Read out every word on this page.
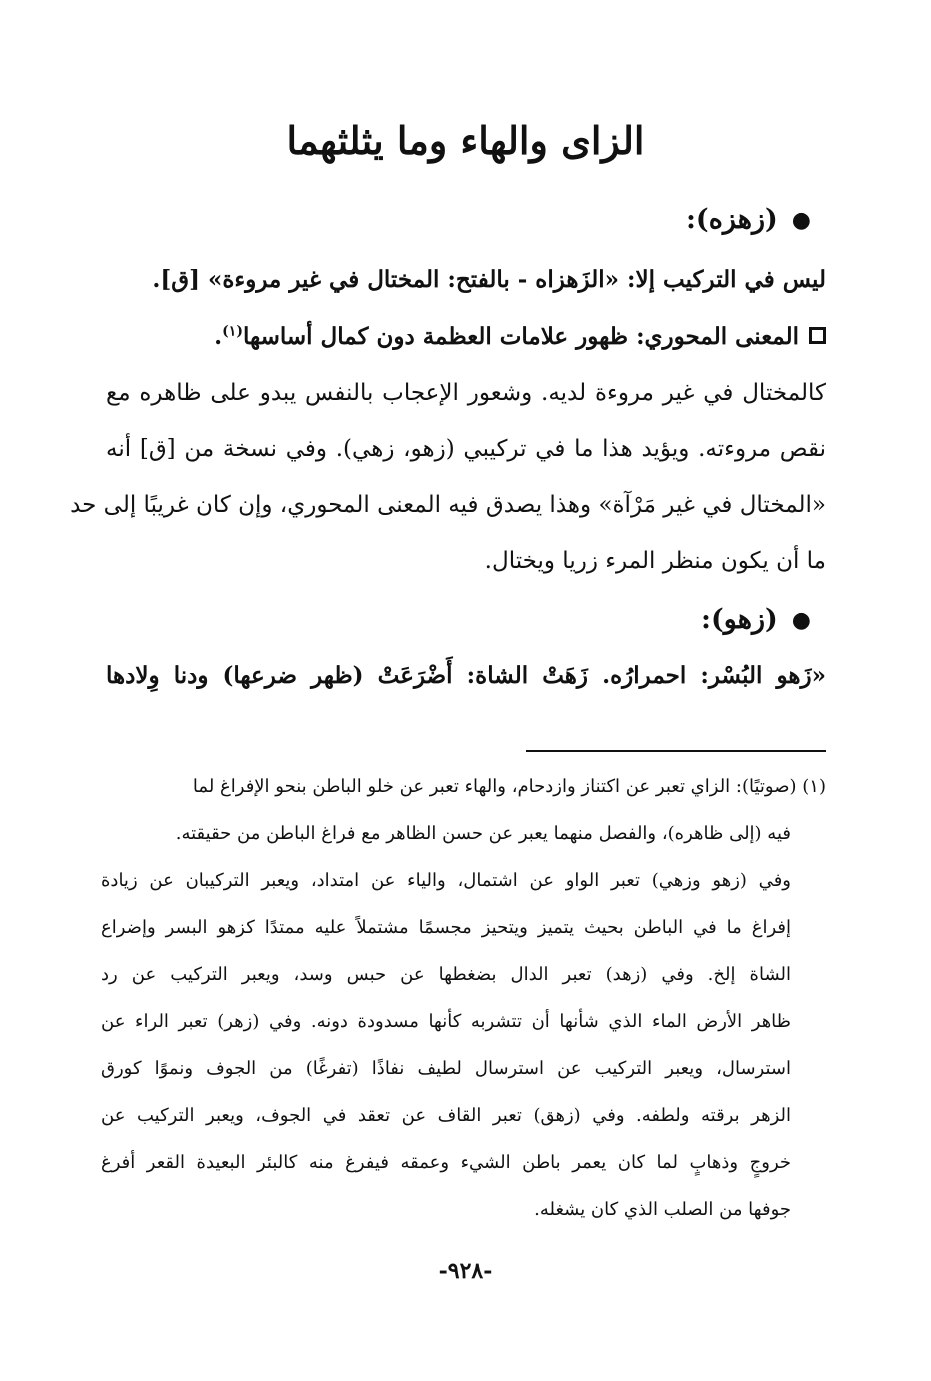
الزاى والهاء وما يثلثهما
●
(زهزه):
ليس في التركيب إلا: «الزَهزاه - بالفتح: المختال في غير مروءة» [ق].
المعنى المحوري: ظهور علامات العظمة دون كمال أساسها$^{(١)}$.
كالمختال في غير مروءة لديه. وشعور الإعجاب بالنفس يبدو على ظاهره مع
نقص مروءته. ويؤيد هذا ما في تركيبي (زهو، زهي). وفي نسخة من [ق] أنه
«المختال في غير مَرْآة» وهذا يصدق فيه المعنى المحوري، وإن كان غريبًا إلى حد
ما أن يكون منظر المرء زريا ويختال.
●
(زهو):
«زَهو البُسْر: احمرارُه. زَهَتْ الشاة: أَضْرَعَتْ (ظهر ضرعها) ودنا وِلادها
(١) (صوتيًا): الزاي تعبر عن اكتناز وازدحام، والهاء تعبر عن خلو الباطن بنحو الإفراغ لما
فيه (إلى ظاهره)، والفصل منهما يعبر عن حسن الظاهر مع فراغ الباطن من حقيقته.
وفي (زهو وزهي) تعبر الواو عن اشتمال، والياء عن امتداد، ويعبر التركيبان عن زيادة
إفراغ ما في الباطن بحيث يتميز ويتحيز مجسمًا مشتملاً عليه ممتدًا كزهو البسر وإضراع
الشاة إلخ. وفي (زهد) تعبر الدال بضغطها عن حبس وسد، ويعبر التركيب عن رد
ظاهر الأرض الماء الذي شأنها أن تتشربه كأنها مسدودة دونه. وفي (زهر) تعبر الراء عن
استرسال، ويعبر التركيب عن استرسال لطيف نفاذًا (تفرغًا) من الجوف ونموًا كورق
الزهر برقته ولطفه. وفي (زهق) تعبر القاف عن تعقد في الجوف، ويعبر التركيب عن
خروجٍ وذهابٍ لما كان يعمر باطن الشيء وعمقه فيفرغ منه كالبئر البعيدة القعر أفرغ
جوفها من الصلب الذي كان يشغله.
-٩٢٨-
